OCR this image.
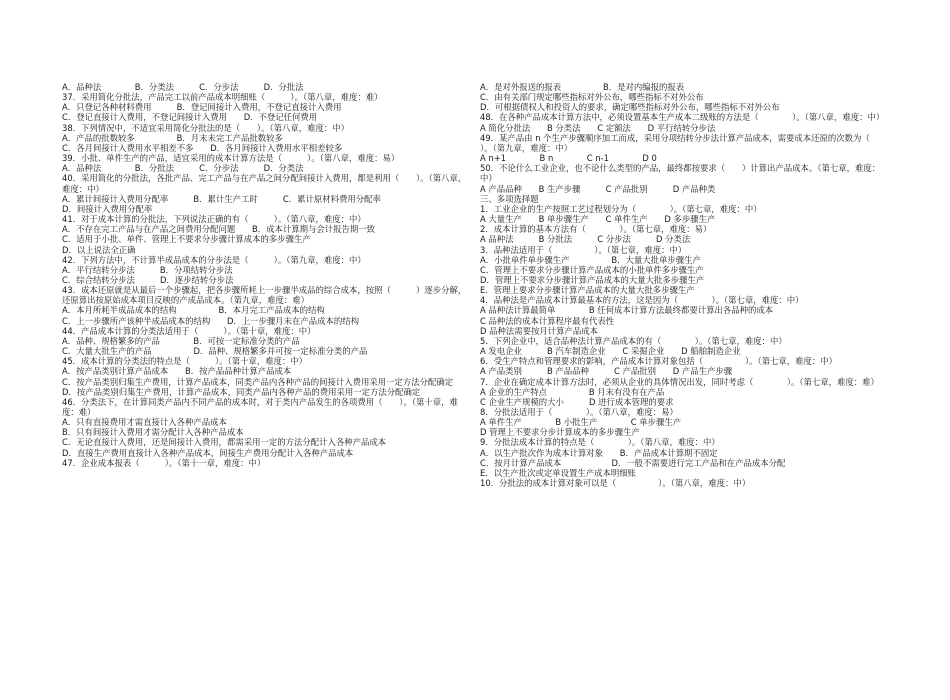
A．品种法　　　　B．分类法　　　C．分步法　　　D．分批法
37．采用简化分批法，产品完工以前产品成本明细账（　　　）。（第八章，难度：难）
A．只登记各种材料费用　　　B．登记间接计入费用，不登记直接计入费用
C．登记直接计入费用，不登记间接计入费用　　D．不登记任何费用
38．下列情况中，不适宜采用简化分批法的是（　　）。（第八章，难度：中）
A．产品的批数较多　　　　　B．月末未完工产品批数较多
C．各月间接计入费用水平相差不多　　D．各月间接计入费用水平相差较多
39．小批、单件生产的产品，适宜采用的成本计算方法是（　　　）。（第八章，难度：易）
A．品种法　　　　B．分批法　　　C．分步法　　　D．分类法
40．采用简化的分批法，各批产品、完工产品与在产品之间分配间接计入费用，都是利用（　　）。（第八章，难度：中）
A．累计间接计入费用分配率　　　B．累计生产工时　　　C．累计原材料费用分配率
D．间接计入费用分配率
41．对于成本计算的分批法，下列说法正确的有（　　　）。（第八章，难度：中）
A．不存在完工产品与在产品之间费用分配问题　　B．成本计算期与会计报告期一致
C．适用于小批、单件、管理上不要求分步骤计算成本的多步骤生产
D．以上说法全正确
42．下列方法中，不计算半成品成本的分步法是（　　　）。（第九章，难度：中）
A．平行结转分步法　　　B．分项结转分步法
C．综合结转分步法　　　D．逐步结转分步法
43．成本还原就是从最后一个步骤起，把各步骤所耗上一步骤半成品的综合成本，按照（　　　）逐步分解，还原算出按原始成本项目反映的产成品成本。（第九章，难度：难）
A．本月所耗半成品成本的结构　　　　　B．本月完工产品成本的结构
C．上一步骤所产该种半成品成本的结构　　D．上一步骤月末在产品成本的结构
44．产品成本计算的分类法适用于（　　　）。（第十章，难度：中）
A．品种、规格繁多的产品　　　　B．可按一定标准分类的产品
C．大量大批生产的产品　　　　　D．品种、规格繁多并可按一定标准分类的产品
45．成本计算的分类法的特点是（　　　）。（第十章，难度：中）
A．按产品类别计算产品成本　　B．按产品品种计算产品成本
C．按产品类别归集生产费用，计算产品成本，同类产品内各种产品的间接计入费用采用一定方法分配确定
D．按产品类别归集生产费用，计算产品成本，同类产品内各种产品的费用采用一定方法分配确定
46．分类法下，在计算同类产品内不同产品的成本时，对于类内产品发生的各项费用（　　）。（第十章，难度：难）
A．只有直接费用才需直接计入各种产品成本
B．只有间接计入费用才需分配计入各种产品成本
C．无论直接计入费用，还是间接计入费用，都需采用一定的方法分配计入各种产品成本
D．直接生产费用直接计入各种产品成本，间接生产费用分配计入各种产品成本
47．企业成本报表（　　　）。（第十一章，难度：中）
A．是对外报送的报表　　　　　B．是对内编报的报表
C．由有关部门规定哪些指标对外公布，哪些指标不对外公布
D．可根据债权人和投资人的要求，确定哪些指标对外公布，哪些指标不对外公布
48．在各种产品成本计算方法中，必须设置基本生产成本二级账的方法是（　　　　）。（第八章，难度：中）
A 简化分批法　　B 分类法　　C 定额法　　D 平行结转分步法
49．某产品由 n 个生产步骤顺序加工而成，采用分项结转分步法计算产品成本，需要成本还原的次数为（　　　　）。（第九章，难度：中）
A n+1　　　　B n　　　　C n-1　　　　D 0
50．不论什么工业企业，也不论什么类型的产品，最终都按要求（　　）计算出产品成本。（第七章，难度：中）
A 产品品种　　B 生产步骤　　　C 产品批别　　　D 产品种类
三、多项选择题
1．工业企业的生产按照工艺过程划分为（　　　　）。（第七章，难度：中）
A 大量生产　　B 单步骤生产　　C 单件生产　　D 多步骤生产
2．成本计算的基本方法有（　　　　）。（第七章，难度：易）
A 品种法　　　B 分批法　　　C 分步法　　　D 分类法
3．品种法适用于（　　　　　）。（第七章，难度：中）
A．小批单件单步骤生产　　　　　B．大量大批单步骤生产
C．管理上不要求分步骤计算产品成本的小批单件多步骤生产
D．管理上不要求分步骤计算产品成本的大量大批多步骤生产
E．管理上要求分步骤计算产品成本的大量大批多步骤生产
4．品种法是产品成本计算最基本的方法，这是因为（　　　　）。（第七章，难度：中）
A 品种法计算最简单　　　　B 任何成本计算方法最终都要计算出各品种的成本
C 品种法的成本计算程序最有代表性
D 品种法需要按月计算产品成本
5．下列企业中，适合品种法计算产品成本的有（　　　　）。（第七章，难度：中）
A 发电企业　　　B 汽车制造企业　　C 采掘企业　　D 船舶制造企业
6．受生产特点和管理要求的影响，产品成本计算对象包括（　　　　　）。（第七章，难度：中）
A 产品类别　　　B 产品品种　　　C 产品批别　　D 产品生产步骤
7．企业在确定成本计算方法时，必须从企业的具体情况出发，同时考虑（　　　　）。（第七章，难度：难）
A 企业的生产特点　　　　　B 月末有没有在产品
C 企业生产规模的大小　　　D 进行成本管理的要求
8．分批法适用于（　　　　）。（第八章，难度：易）
A 单件生产　　　　B 小批生产　　　　C 单步骤生产
D 管理上不要求分步计算成本的多步骤生产
9．分批法成本计算的特点是（　　　　）。（第八章，难度：中）
A．以生产批次作为成本计算对象　　B．产品成本计算期不固定
C．按月计算产品成本　　　　　　D．一般不需要进行完工产品和在产品成本分配
E．以生产批次或定单设置生产成本明细账
10．分批法的成本计算对象可以是（　　　　　）。（第八章，难度：中）
